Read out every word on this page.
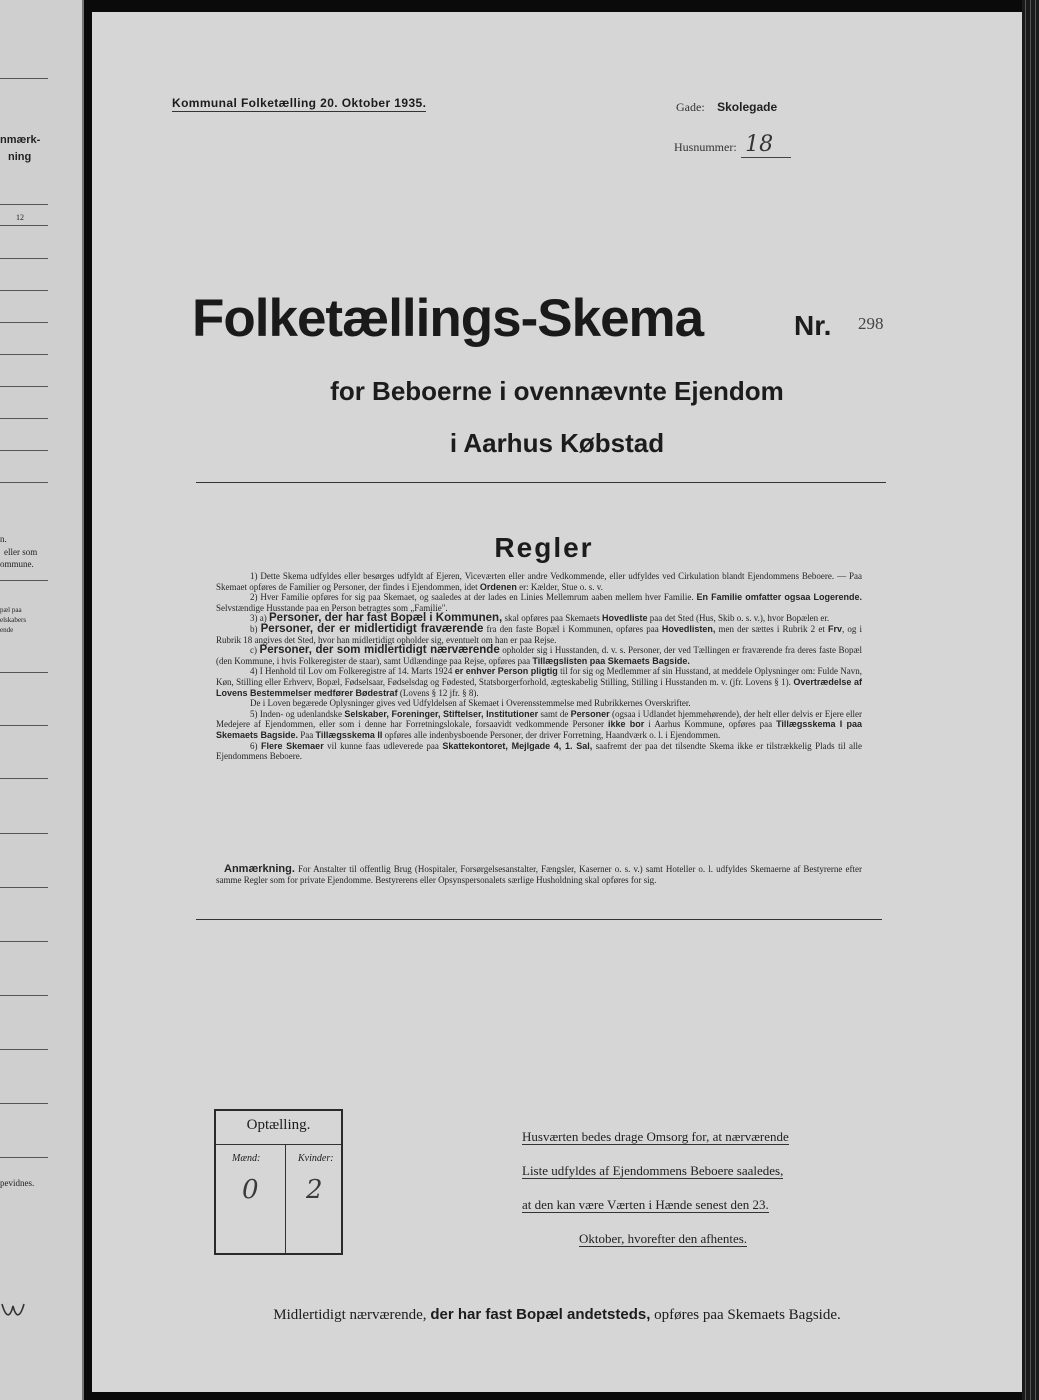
nmærk-
ning
12
n.
eller som
ommune.
pæl paa
elskabers
ende
pevidnes.
Kommunal Folketælling 20. Oktober 1935.	Gade: Skolegade
Husnummer: 18
Folketællings-Skema	Nr. 298
for Beboerne i ovennævnte Ejendom
i Aarhus Købstad
Regler

1) Dette Skema udfyldes eller besørges udfyldt af Ejeren, Viceværten eller andre Vedkommende, eller udfyldes ved Cirkulation blandt Ejendommens Beboere. — Paa Skemaet opføres de Familier og Personer, der findes i Ejendommen, idet Ordenen er: Kælder, Stue o. s. v.

2) Hver Familie opføres for sig paa Skemaet, og saaledes at der lades en Linies Mellemrum aaben mellem hver Familie. En Familie omfatter ogsaa Logerende. Selvstændige Husstande paa en Person betragtes som „Familie".

3) a) Personer, der har fast Bopæl i Kommunen, skal opføres paa Skemaets Hovedliste paa det Sted (Hus, Skib o. s. v.), hvor Bopælen er.

b) Personer, der er midlertidigt fraværende fra den faste Bopæl i Kommunen, opføres paa Hovedlisten, men der sættes i Rubrik 2 et Frv, og i Rubrik 18 angives det Sted, hvor han midlertidigt opholder sig, eventuelt om han er paa Rejse.

c) Personer, der som midlertidigt nærværende opholder sig i Husstanden, d. v. s. Personer, der ved Tællingen er fraværende fra deres faste Bopæl (den Kommune, i hvis Folkeregister de staar), samt Udlændinge paa Rejse, opføres paa Tillægslisten paa Skemaets Bagside.

4) I Henhold til Lov om Folkeregistre af 14. Marts 1924 er enhver Person pligtig til for sig og Medlemmer af sin Husstand, at meddele Oplysninger om: Fulde Navn, Køn, Stilling eller Erhverv, Bopæl, Fødselsaar, Fødselsdag og Fødested, Statsborgerforhold, ægteskabelig Stilling, Stilling i Husstanden m. v. (jfr. Lovens § 1). Overtrædelse af Lovens Bestemmelser medfører Bødestraf (Lovens § 12 jfr. § 8).

De i Loven begærede Oplysninger gives ved Udfyldelsen af Skemaet i Overensstemmelse med Rubrikkernes Overskrifter.

5) Inden- og udenlandske Selskaber, Foreninger, Stiftelser, Institutioner samt de Personer (ogsaa i Udlandet hjemmehørende), der helt eller delvis er Ejere eller Medejere af Ejendommen, eller som i denne har Forretningslokale, forsaavidt vedkommende Personer ikke bor i Aarhus Kommune, opføres paa Tillægsskema I paa Skemaets Bagside. Paa Tillægsskema II opføres alle indenbysboende Personer, der driver Forretning, Haandværk o. l. i Ejendommen.

6) Flere Skemaer vil kunne faas udleverede paa Skattekontoret, Mejlgade 4, 1. Sal, saafremt der paa det tilsendte Skema ikke er tilstrækkelig Plads til alle Ejendommens Beboere.

Anmærkning. For Anstalter til offentlig Brug (Hospitaler, Forsørgelsesanstalter, Fængsler, Kaserner o. s. v.) samt Hoteller o. l. udfyldes Skemaerne af Bestyrerne efter samme Regler som for private Ejendomme. Bestyrerens eller Opsynspersonalets særlige Husholdning skal opføres for sig.
Optælling.
Mænd:	Kvinder:
0 2
Husværten bedes drage Omsorg for, at nærværende
Liste udfyldes af Ejendommens Beboere saaledes,
at den kan være Værten i Hænde senest den 23.
Oktober, hvorefter den afhentes.
Midlertidigt nærværende, der har fast Bopæl andetsteds, opføres paa Skemaets Bagside.
